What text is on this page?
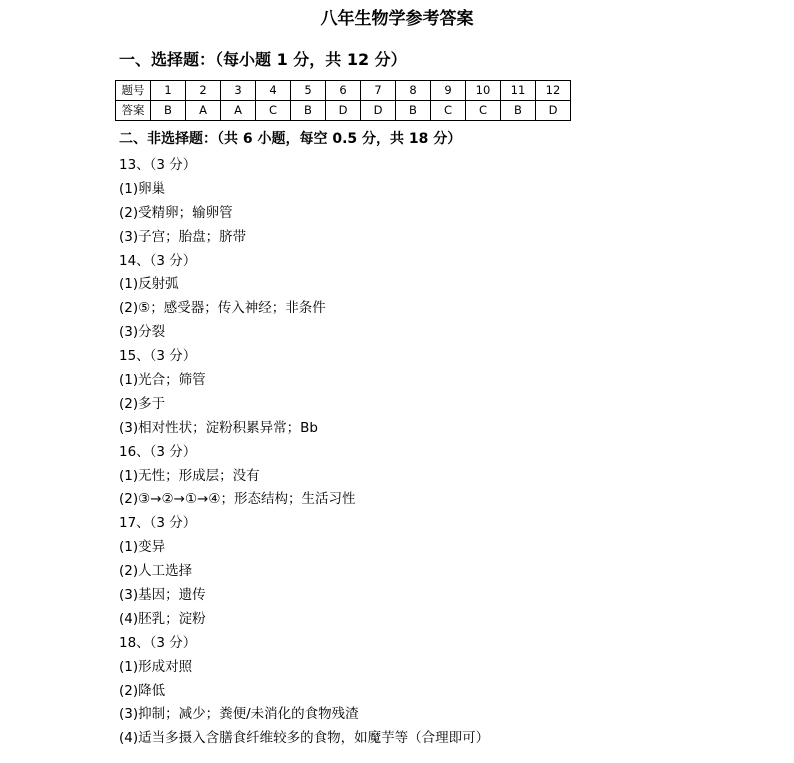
八年生物学参考答案
一、选择题：（每小题 1 分，共 12 分）
题号	1	2	3	4	5	6	7	8	9	10	11	12
答案	B	A	A	C	B	D	D	B	C	C	B	D
二、非选择题：（共 6 小题，每空 0.5 分，共 18 分）
13、（3 分）
(1)卵巢
(2)受精卵；输卵管
(3)子宫；胎盘；脐带
14、（3 分）
(1)反射弧
(2)⑤；感受器；传入神经；非条件
(3)分裂
15、（3 分）
(1)光合；筛管
(2)多于
(3)相对性状；淀粉积累异常；Bb
16、（3 分）
(1)无性；形成层；没有
(2)③→②→①→④；形态结构；生活习性
17、（3 分）
(1)变异
(2)人工选择
(3)基因；遗传
(4)胚乳；淀粉
18、（3 分）
(1)形成对照
(2)降低
(3)抑制；减少；粪便/未消化的食物残渣
(4)适当多摄入含膳食纤维较多的食物，如魔芋等（合理即可）
